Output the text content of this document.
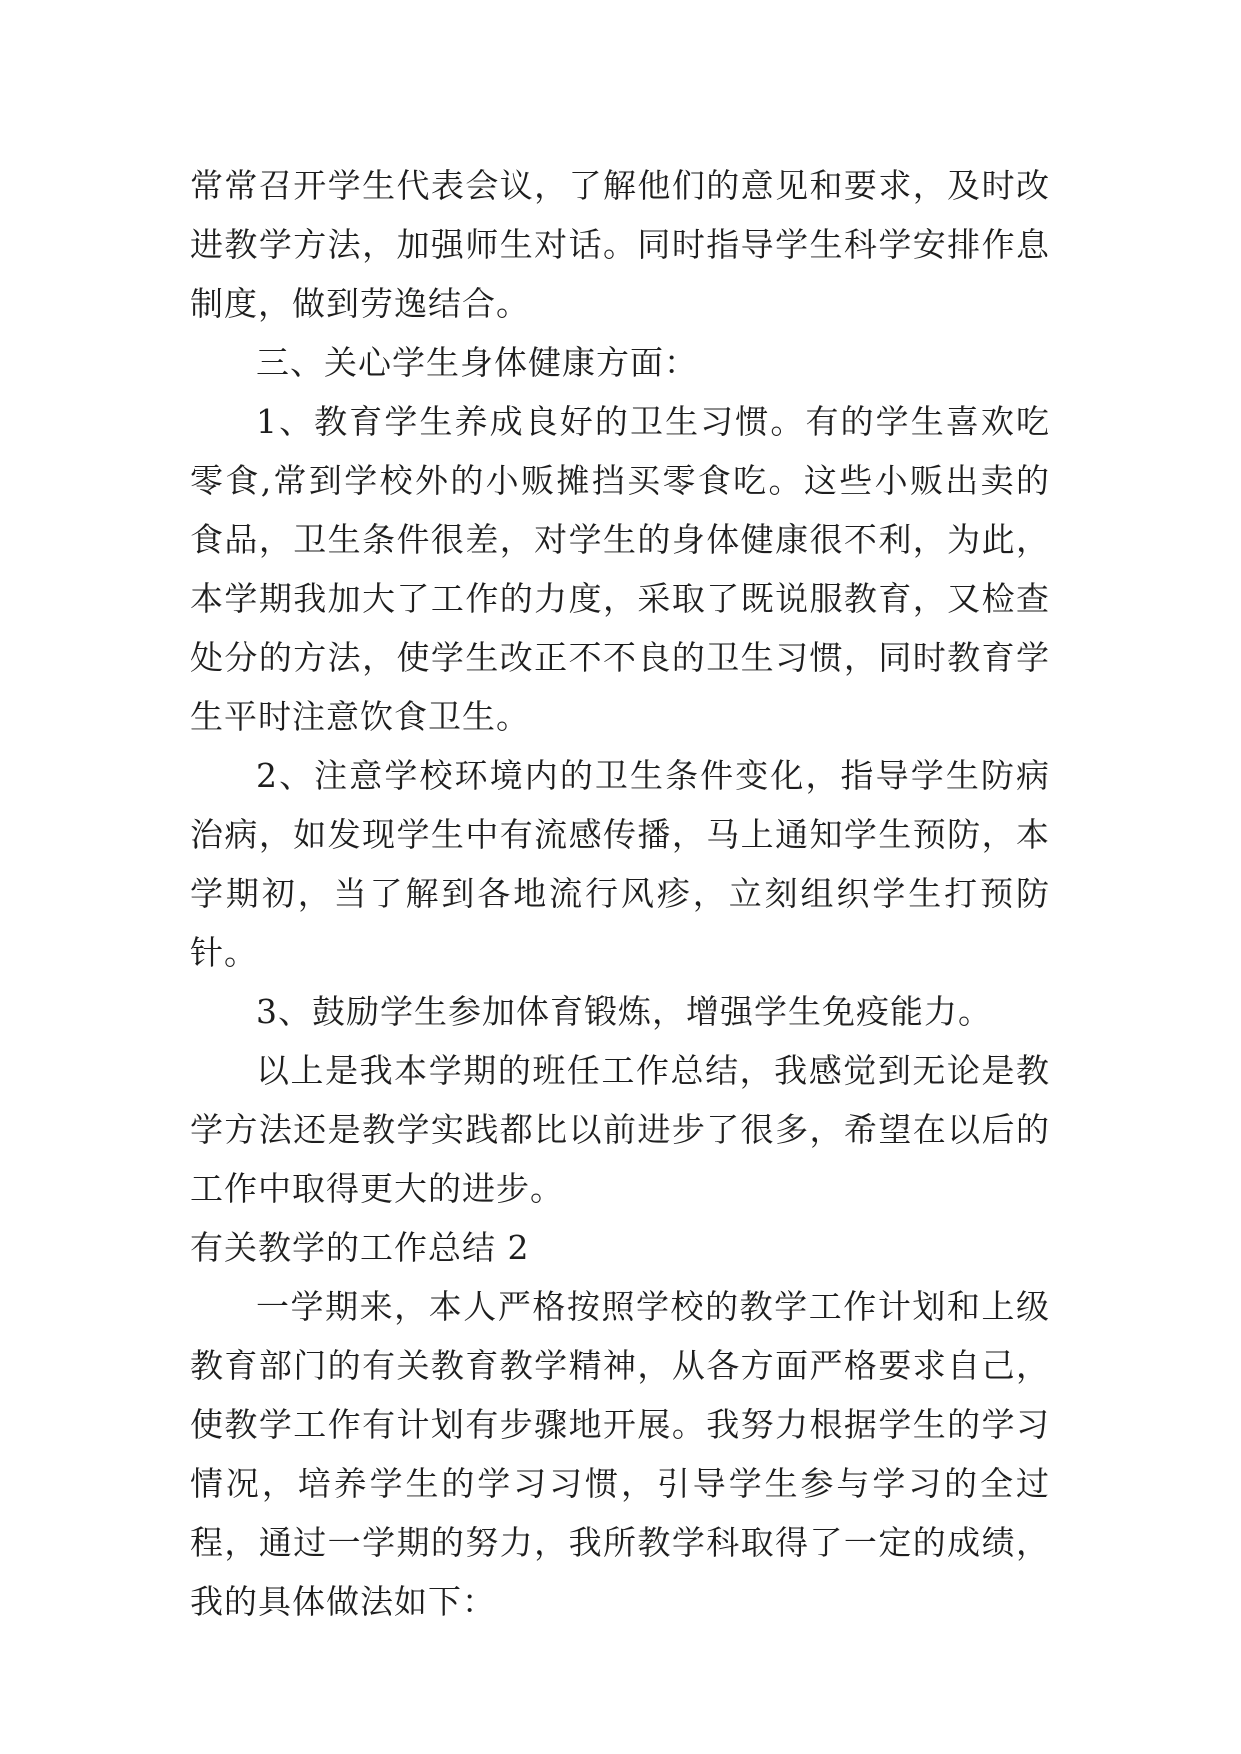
常常召开学生代表会议，了解他们的意见和要求，及时改进教学方法，加强师生对话。同时指导学生科学安排作息制度，做到劳逸结合。

三、关心学生身体健康方面：

1、教育学生养成良好的卫生习惯。有的学生喜欢吃零食,常到学校外的小贩摊挡买零食吃。这些小贩出卖的食品，卫生条件很差，对学生的身体健康很不利，为此，本学期我加大了工作的力度，采取了既说服教育，又检查处分的方法，使学生改正不不良的卫生习惯，同时教育学生平时注意饮食卫生。

2、注意学校环境内的卫生条件变化，指导学生防病治病，如发现学生中有流感传播，马上通知学生预防，本学期初，当了解到各地流行风疹，立刻组织学生打预防针。

3、鼓励学生参加体育锻炼，增强学生免疫能力。

以上是我本学期的班任工作总结，我感觉到无论是教学方法还是教学实践都比以前进步了很多，希望在以后的工作中取得更大的进步。

有关教学的工作总结 2

一学期来，本人严格按照学校的教学工作计划和上级教育部门的有关教育教学精神，从各方面严格要求自己，使教学工作有计划有步骤地开展。我努力根据学生的学习情况，培养学生的学习习惯，引导学生参与学习的全过程，通过一学期的努力，我所教学科取得了一定的成绩，我的具体做法如下：
